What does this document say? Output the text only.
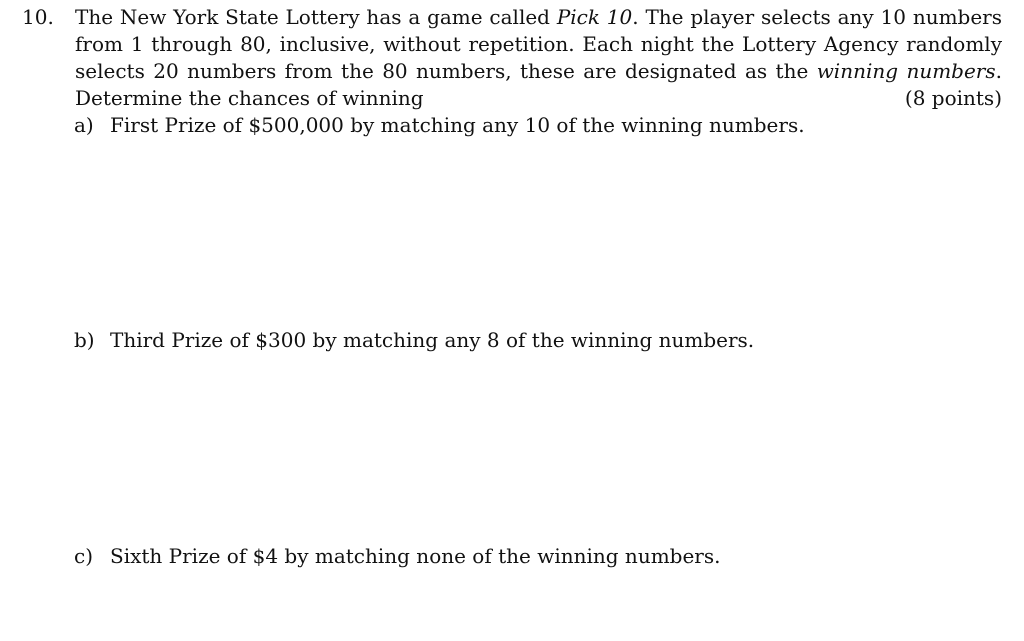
10.	The New York State Lottery has a game called Pick 10. The player selects any 10 numbers
from 1 through 80, inclusive, without repetition. Each night the Lottery Agency randomly
selects 20 numbers from the 80 numbers, these are designated as the winning numbers.
Determine the chances of winning	(8 points)
a) First Prize of $500,000 by matching any 10 of the winning numbers.
b) Third Prize of $300 by matching any 8 of the winning numbers.
c) Sixth Prize of $4 by matching none of the winning numbers.
